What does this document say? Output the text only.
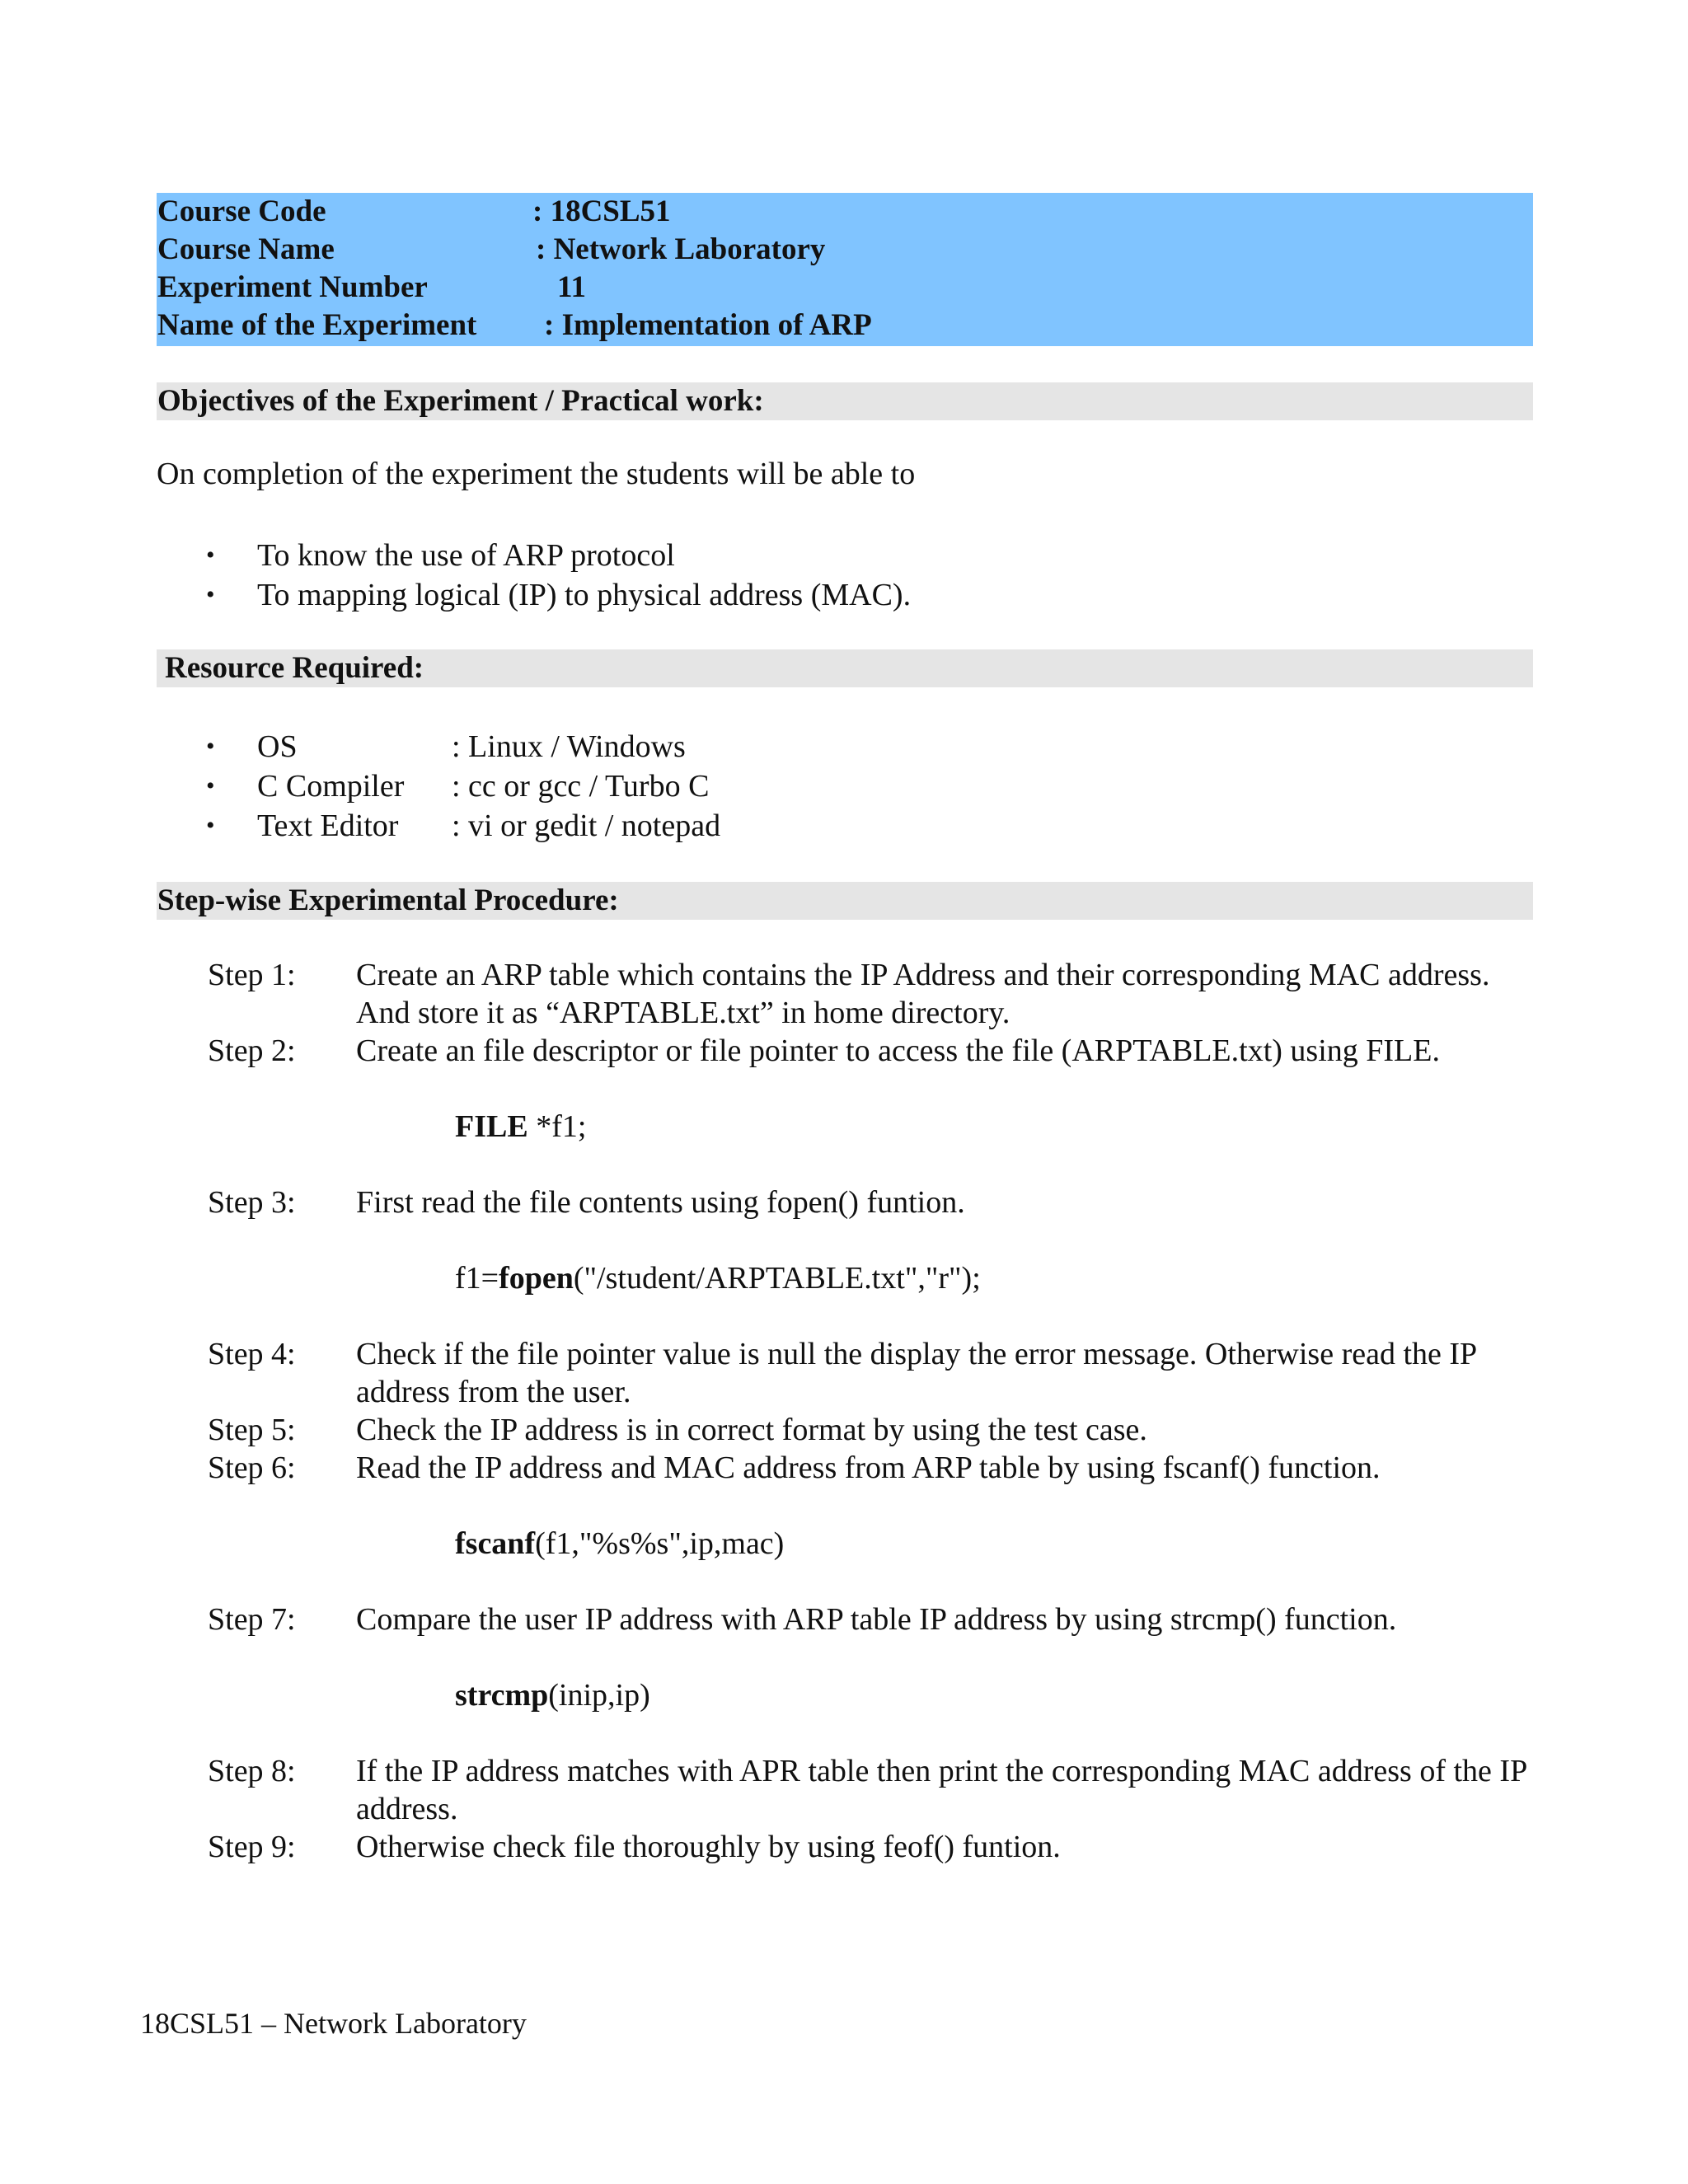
Course Code	: 18CSL51
Course Name	: Network Laboratory
Experiment Number	11
Name of the Experiment : Implementation of ARP
Objectives of the Experiment / Practical work:
On completion of the experiment the students will be able to
• To know the use of ARP protocol
• To mapping logical (IP) to physical address (MAC).
Resource Required:
• OS	: Linux / Windows
• C Compiler : cc or gcc / Turbo C
• Text Editor : vi or gedit / notepad
Step-wise Experimental Procedure:
Step 1: Create an ARP table which contains the IP Address and their corresponding MAC address. And store it as “ARPTABLE.txt” in home directory.
Step 2: Create an file descriptor or file pointer to access the file (ARPTABLE.txt) using FILE.
FILE *f1;
Step 3: First read the file contents using fopen() funtion.
f1=fopen("/student/ARPTABLE.txt","r");
Step 4: Check if the file pointer value is null the display the error message. Otherwise read the IP address from the user.
Step 5: Check the IP address is in correct format by using the test case.
Step 6: Read the IP address and MAC address from ARP table by using fscanf() function.
fscanf(f1,"%s%s",ip,mac)
Step 7: Compare the user IP address with ARP table IP address by using strcmp() function.
strcmp(inip,ip)
Step 8: If the IP address matches with APR table then print the corresponding MAC address of the IP address.
Step 9: Otherwise check file thoroughly by using feof() funtion.
18CSL51 – Network Laboratory
